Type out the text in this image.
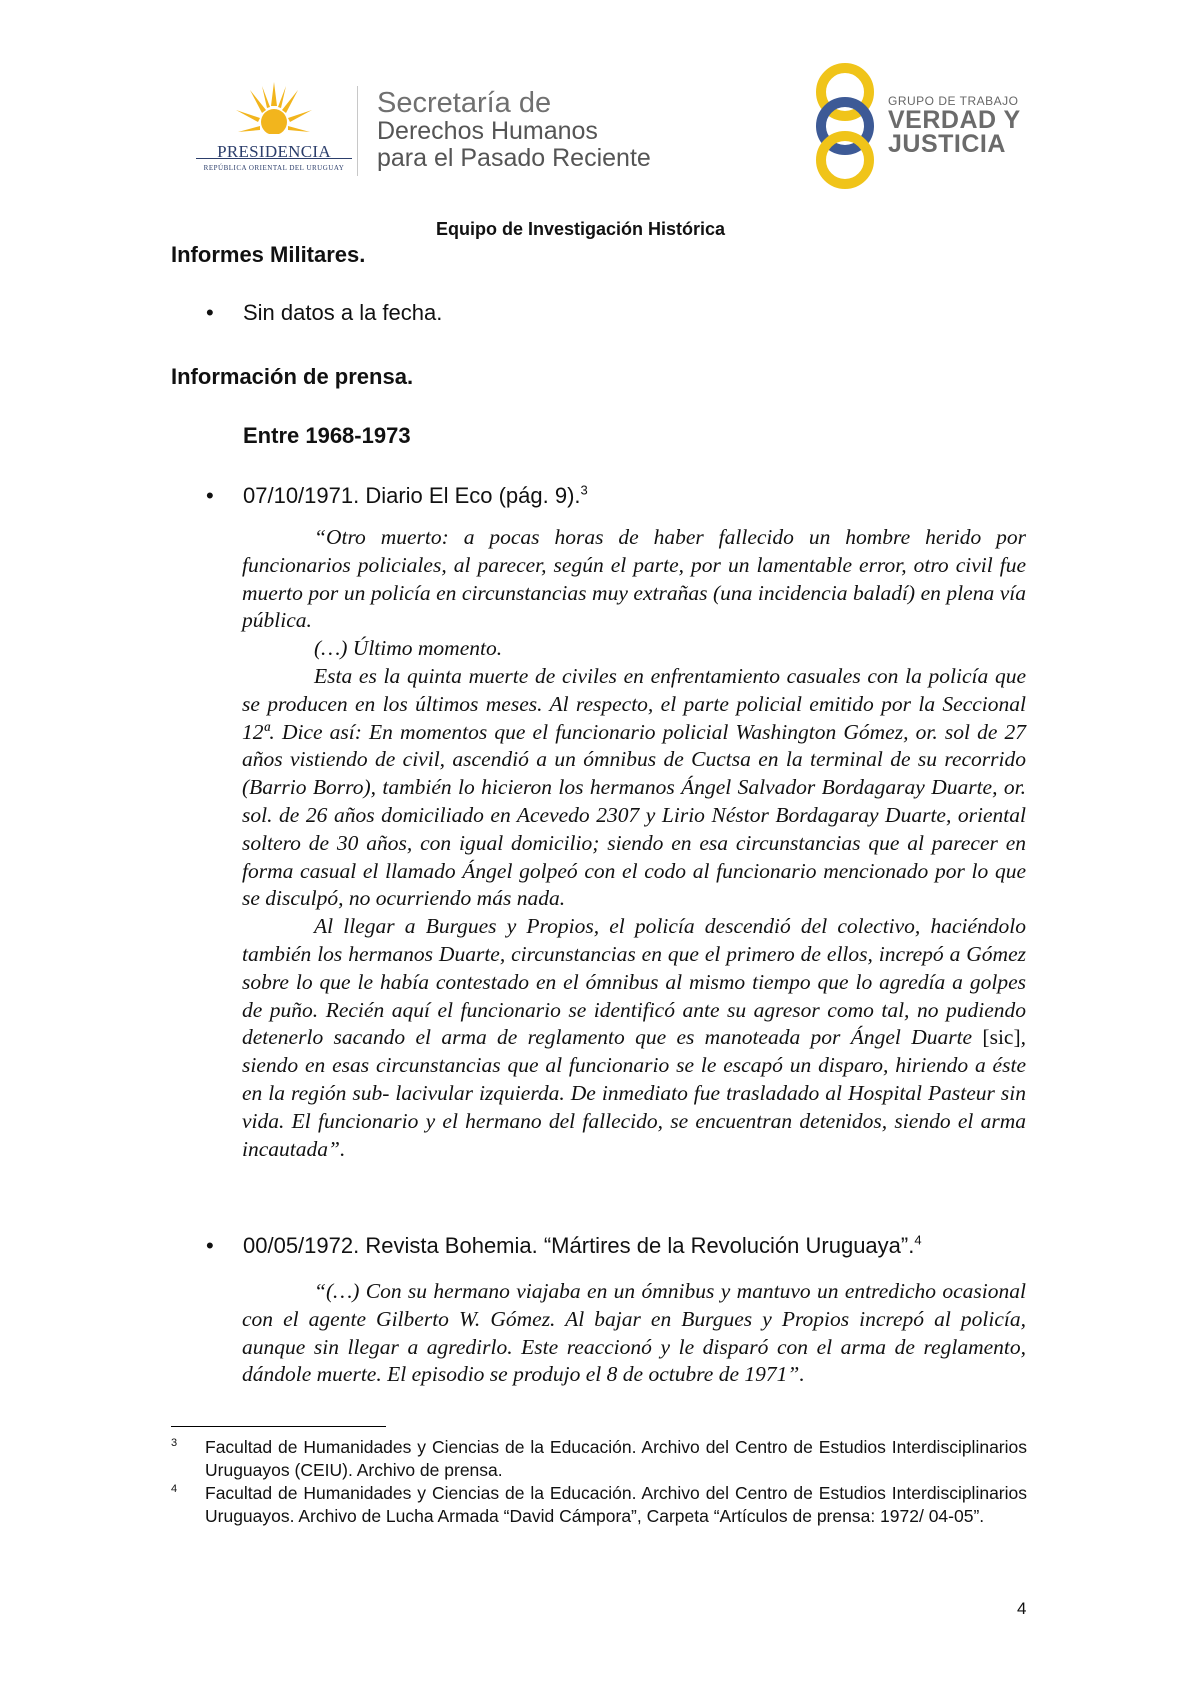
PRESIDENCIA
REPÚBLICA ORIENTAL DEL URUGUAY
Secretaría de
Derechos Humanos
para el Pasado Reciente
GRUPO DE TRABAJO
VERDAD Y
JUSTICIA
Equipo de Investigación Histórica
Informes Militares.
• Sin datos a la fecha.
Información de prensa.
Entre 1968-1973
• 07/10/1971. Diario El Eco (pág. 9).$^3$

“Otro muerto: a pocas horas de haber fallecido un hombre herido por funcionarios policiales, al parecer, según el parte, por un lamentable error, otro civil fue muerto por un policía en circunstancias muy extrañas (una incidencia baladí) en plena vía pública.

(…) Último momento.

Esta es la quinta muerte de civiles en enfrentamiento casuales con la policía que se producen en los últimos meses. Al respecto, el parte policial emitido por la Seccional 12ª. Dice así: En momentos que el funcionario policial Washington Gómez, or. sol de 27 años vistiendo de civil, ascendió a un ómnibus de Cuctsa en la terminal de su recorrido (Barrio Borro), también lo hicieron los hermanos Ángel Salvador Bordagaray Duarte, or. sol. de 26 años domiciliado en Acevedo 2307 y Lirio Néstor Bordagaray Duarte, oriental soltero de 30 años, con igual domicilio; siendo en esa circunstancias que al parecer en forma casual el llamado Ángel golpeó con el codo al funcionario mencionado por lo que se disculpó, no ocurriendo más nada.

Al llegar a Burgues y Propios, el policía descendió del colectivo, haciéndolo también los hermanos Duarte, circunstancias en que el primero de ellos, increpó a Gómez sobre lo que le había contestado en el ómnibus al mismo tiempo que lo agredía a golpes de puño. Recién aquí el funcionario se identificó ante su agresor como tal, no pudiendo detenerlo sacando el arma de reglamento que es manoteada por Ángel Duarte [sic], siendo en esas circunstancias que al funcionario se le escapó un disparo, hiriendo a éste en la región sub- lacivular izquierda. De inmediato fue trasladado al Hospital Pasteur sin vida. El funcionario y el hermano del fallecido, se encuentran detenidos, siendo el arma incautada”.

• 00/05/1972. Revista Bohemia. “Mártires de la Revolución Uruguaya”.$^4$

“(…) Con su hermano viajaba en un ómnibus y mantuvo un entredicho ocasional con el agente Gilberto W. Gómez. Al bajar en Burgues y Propios increpó al policía, aunque sin llegar a agredirlo. Este reaccionó y le disparó con el arma de reglamento, dándole muerte. El episodio se produjo el 8 de octubre de 1971”.

3 Facultad de Humanidades y Ciencias de la Educación. Archivo del Centro de Estudios Interdisciplinarios Uruguayos (CEIU). Archivo de prensa.
4 Facultad de Humanidades y Ciencias de la Educación. Archivo del Centro de Estudios Interdisciplinarios Uruguayos. Archivo de Lucha Armada “David Cámpora”, Carpeta “Artículos de prensa: 1972/ 04-05”.
4
